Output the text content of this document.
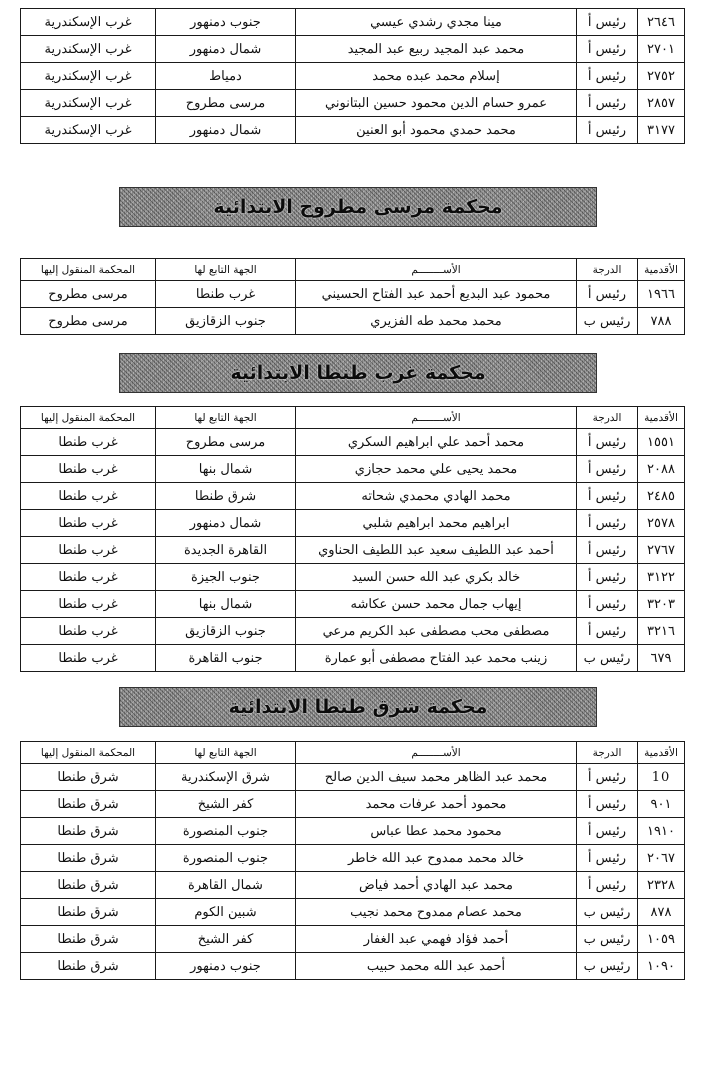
٢٦٤٦	رئيس أ	مينا مجدي رشدي عيسي	جنوب دمنهور	غرب الإسكندرية
٢٧٠١	رئيس أ	محمد عبد المجيد ربيع عبد المجيد	شمال دمنهور	غرب الإسكندرية
٢٧٥٢	رئيس أ	إسلام محمد عبده محمد	دمياط	غرب الإسكندرية
٢٨٥٧	رئيس أ	عمرو حسام الدين محمود حسين البتانوني	مرسى مطروح	غرب الإسكندرية
٣١٧٧	رئيس أ	محمد حمدي محمود أبو العنين	شمال دمنهور	غرب الإسكندرية
محكمة مرسى مطروح الابتدائية
الأقدمية	الدرجة	الأســــــــم	الجهة التابع لها	المحكمة المنقول إليها
١٩٦٦	رئيس أ	محمود عبد البديع أحمد عبد الفتاح الحسيني	غرب طنطا	مرسى مطروح
٧٨٨	رئيس ب	محمد محمد طه الفزيري	جنوب الزقازيق	مرسى مطروح
محكمة غرب طنطا الابتدائية
الأقدمية	الدرجة	الأســــــــم	الجهة التابع لها	المحكمة المنقول إليها
١٥٥١	رئيس أ	محمد أحمد علي ابراهيم السكري	مرسى مطروح	غرب طنطا
٢٠٨٨	رئيس أ	محمد يحيى علي محمد حجازي	شمال بنها	غرب طنطا
٢٤٨٥	رئيس أ	محمد الهادي محمدي شحاته	شرق طنطا	غرب طنطا
٢٥٧٨	رئيس أ	ابراهيم محمد ابراهيم شلبي	شمال دمنهور	غرب طنطا
٢٧٦٧	رئيس أ	أحمد عبد اللطيف سعيد عبد اللطيف الحناوي	القاهرة الجديدة	غرب طنطا
٣١٢٢	رئيس أ	خالد بكري عبد الله حسن السيد	جنوب الجيزة	غرب طنطا
٣٢٠٣	رئيس أ	إيهاب جمال محمد حسن عكاشه	شمال بنها	غرب طنطا
٣٢١٦	رئيس أ	مصطفى محب مصطفى عبد الكريم مرعي	جنوب الزقازيق	غرب طنطا
٦٧٩	رئيس ب	زينب محمد عبد الفتاح مصطفى أبو عمارة	جنوب القاهرة	غرب طنطا
محكمة شرق طنطا الابتدائية
الأقدمية	الدرجة	الأســــــــم	الجهة التابع لها	المحكمة المنقول إليها
10	رئيس أ	محمد عبد الظاهر محمد سيف الدين صالح	شرق الإسكندرية	شرق طنطا
٩٠١	رئيس أ	محمود أحمد عرفات محمد	كفر الشيخ	شرق طنطا
١٩١٠	رئيس أ	محمود محمد عطا عباس	جنوب المنصورة	شرق طنطا
٢٠٦٧	رئيس أ	خالد محمد ممدوح عبد الله خاطر	جنوب المنصورة	شرق طنطا
٢٣٢٨	رئيس أ	محمد عبد الهادي أحمد فياض	شمال القاهرة	شرق طنطا
٨٧٨	رئيس ب	محمد عصام ممدوح محمد نجيب	شبين الكوم	شرق طنطا
١٠٥٩	رئيس ب	أحمد فؤاد فهمي عبد الغفار	كفر الشيخ	شرق طنطا
١٠٩٠	رئيس ب	أحمد عبد الله محمد حبيب	جنوب دمنهور	شرق طنطا
